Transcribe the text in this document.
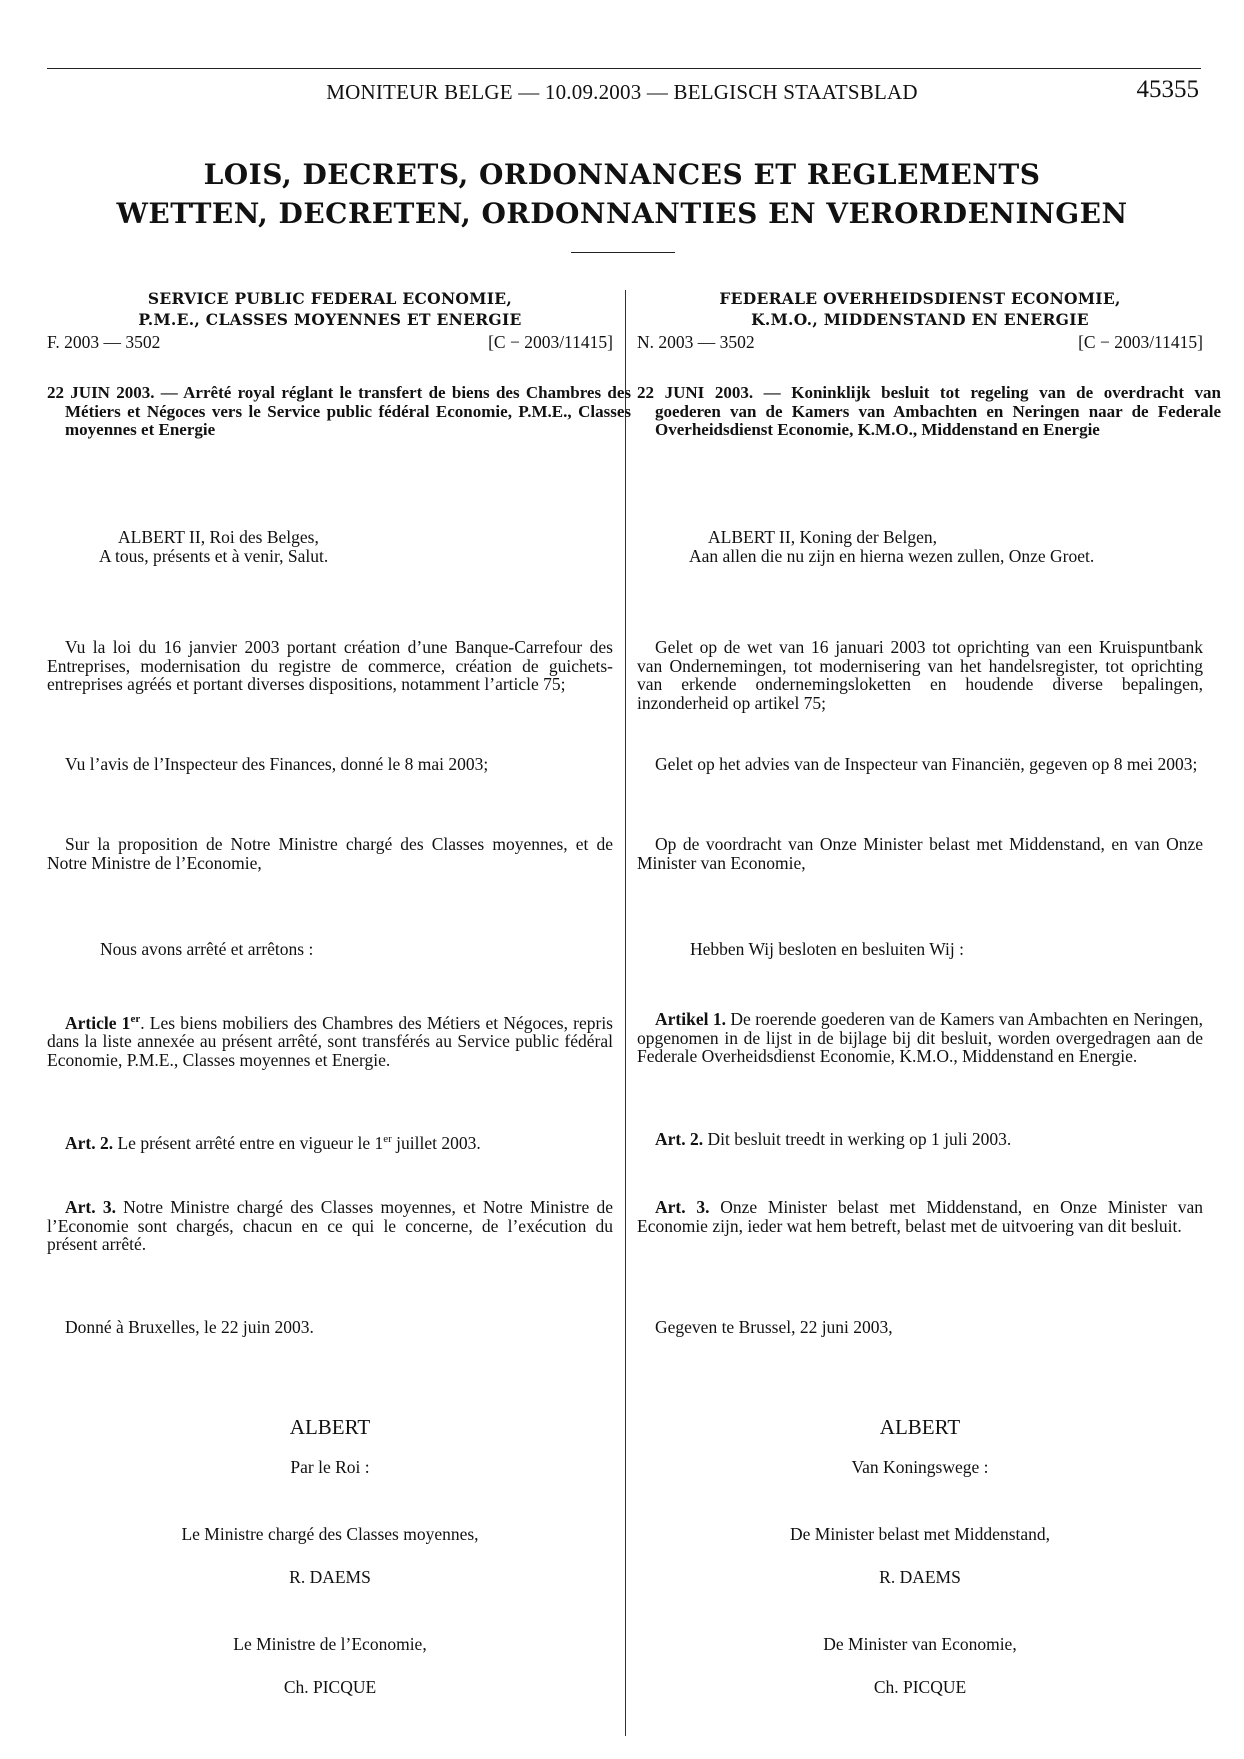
MONITEUR BELGE — 10.09.2003 — BELGISCH STAATSBLAD	45355
LOIS, DECRETS, ORDONNANCES ET REGLEMENTS
WETTEN, DECRETEN, ORDONNANTIES EN VERORDENINGEN
SERVICE PUBLIC FEDERAL ECONOMIE,
P.M.E., CLASSES MOYENNES ET ENERGIE
F. 2003 — 3502	[C − 2003/11415]
22 JUIN 2003. — Arrêté royal réglant le transfert de biens des Chambres des Métiers et Négoces vers le Service public fédéral Economie, P.M.E., Classes moyennes et Energie
ALBERT II, Roi des Belges,
A tous, présents et à venir, Salut.
Vu la loi du 16 janvier 2003 portant création d’une Banque-Carrefour des Entreprises, modernisation du registre de commerce, création de guichets-entreprises agréés et portant diverses dispositions, notamment l’article 75;
Vu l’avis de l’Inspecteur des Finances, donné le 8 mai 2003;
Sur la proposition de Notre Ministre chargé des Classes moyennes, et de Notre Ministre de l’Economie,
Nous avons arrêté et arrêtons :
Article 1er. Les biens mobiliers des Chambres des Métiers et Négoces, repris dans la liste annexée au présent arrêté, sont transférés au Service public fédéral Economie, P.M.E., Classes moyennes et Energie.
Art. 2. Le présent arrêté entre en vigueur le 1er juillet 2003.
Art. 3. Notre Ministre chargé des Classes moyennes, et Notre Ministre de l’Economie sont chargés, chacun en ce qui le concerne, de l’exécution du présent arrêté.
Donné à Bruxelles, le 22 juin 2003.
ALBERT
Par le Roi :
Le Ministre chargé des Classes moyennes,
R. DAEMS
Le Ministre de l’Economie,
Ch. PICQUE
FEDERALE OVERHEIDSDIENST ECONOMIE,
K.M.O., MIDDENSTAND EN ENERGIE
N. 2003 — 3502	[C − 2003/11415]
22 JUNI 2003. — Koninklijk besluit tot regeling van de overdracht van goederen van de Kamers van Ambachten en Neringen naar de Federale Overheidsdienst Economie, K.M.O., Middenstand en Energie
ALBERT II, Koning der Belgen,
Aan allen die nu zijn en hierna wezen zullen, Onze Groet.
Gelet op de wet van 16 januari 2003 tot oprichting van een Kruispuntbank van Ondernemingen, tot modernisering van het handelsregister, tot oprichting van erkende ondernemingsloketten en houdende diverse bepalingen, inzonderheid op artikel 75;
Gelet op het advies van de Inspecteur van Financiën, gegeven op 8 mei 2003;
Op de voordracht van Onze Minister belast met Middenstand, en van Onze Minister van Economie,
Hebben Wij besloten en besluiten Wij :
Artikel 1. De roerende goederen van de Kamers van Ambachten en Neringen, opgenomen in de lijst in de bijlage bij dit besluit, worden overgedragen aan de Federale Overheidsdienst Economie, K.M.O., Middenstand en Energie.
Art. 2. Dit besluit treedt in werking op 1 juli 2003.
Art. 3. Onze Minister belast met Middenstand, en Onze Minister van Economie zijn, ieder wat hem betreft, belast met de uitvoering van dit besluit.
Gegeven te Brussel, 22 juni 2003,
ALBERT
Van Koningswege :
De Minister belast met Middenstand,
R. DAEMS
De Minister van Economie,
Ch. PICQUE
